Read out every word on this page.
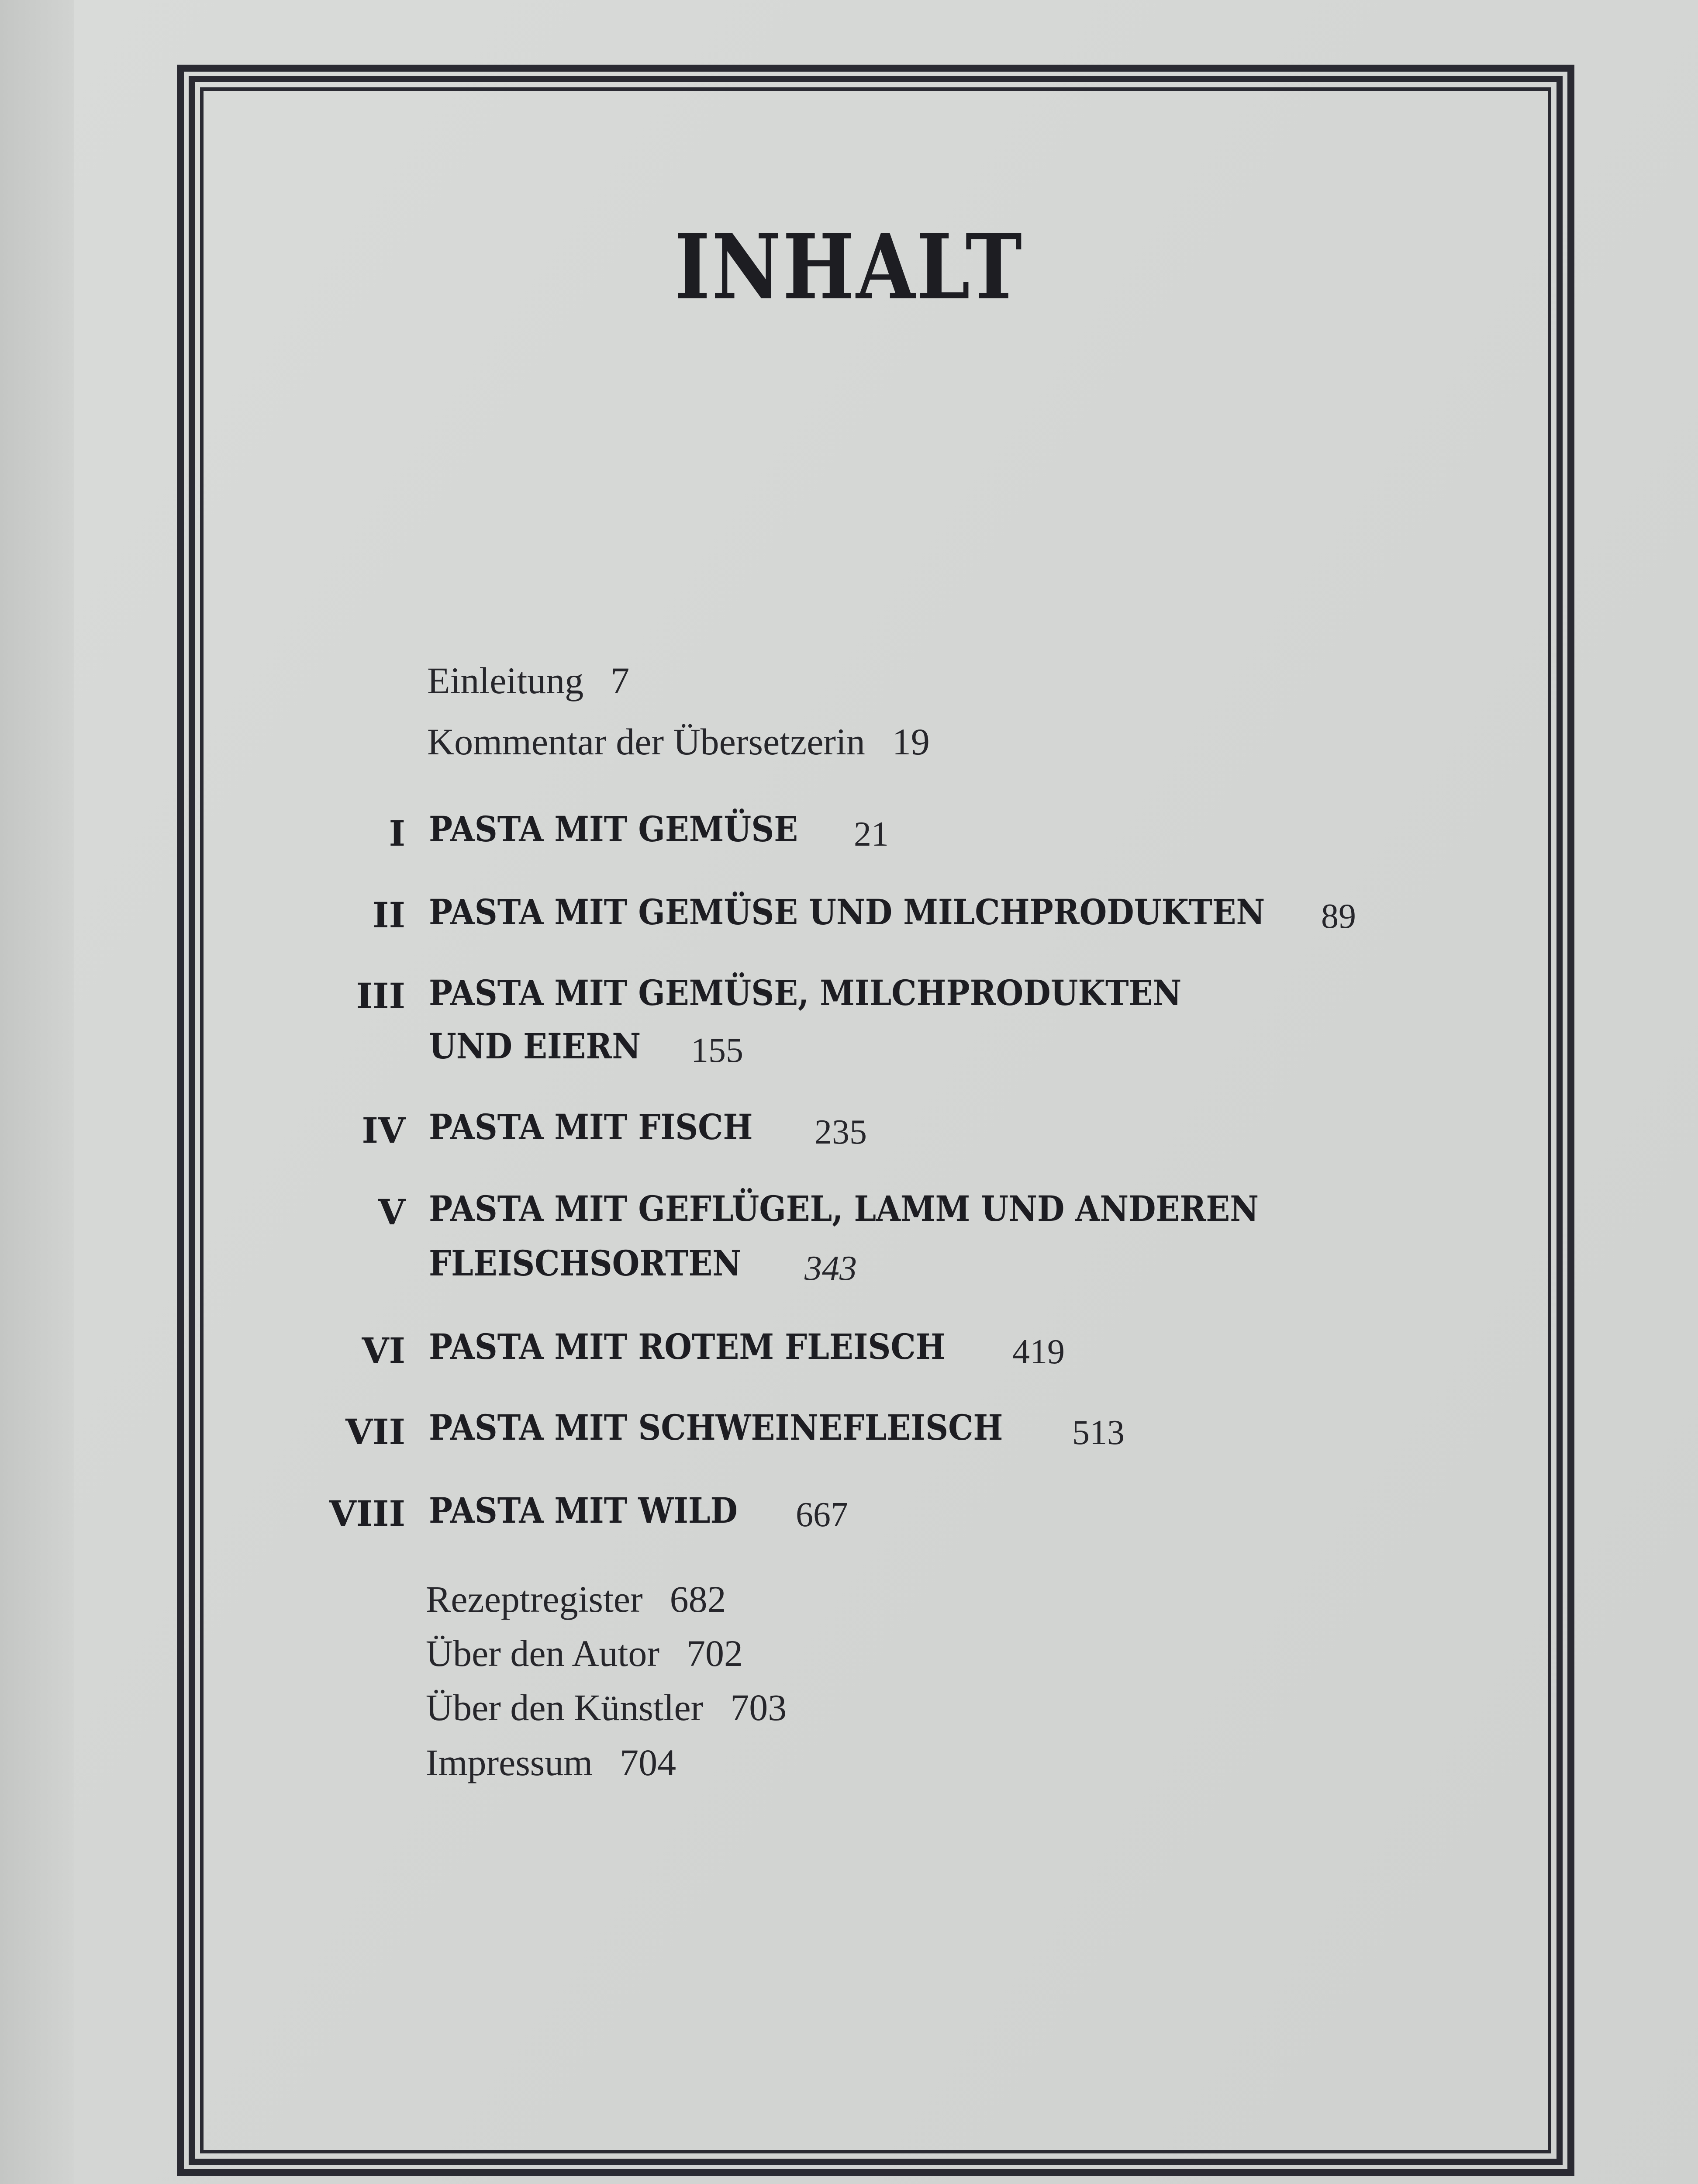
INHALT
Einleitung 7
Kommentar der Übersetzerin 19
I PASTA MIT GEMÜSE 21
II PASTA MIT GEMÜSE UND MILCHPRODUKTEN 89
III PASTA MIT GEMÜSE, MILCHPRODUKTEN
UND EIERN 155
IV PASTA MIT FISCH 235
V PASTA MIT GEFLÜGEL, LAMM UND ANDEREN
FLEISCHSORTEN 343
VI PASTA MIT ROTEM FLEISCH 419
VII PASTA MIT SCHWEINEFLEISCH 513
VIII PASTA MIT WILD 667
Rezeptregister 682
Über den Autor 702
Über den Künstler 703
Impressum 704
